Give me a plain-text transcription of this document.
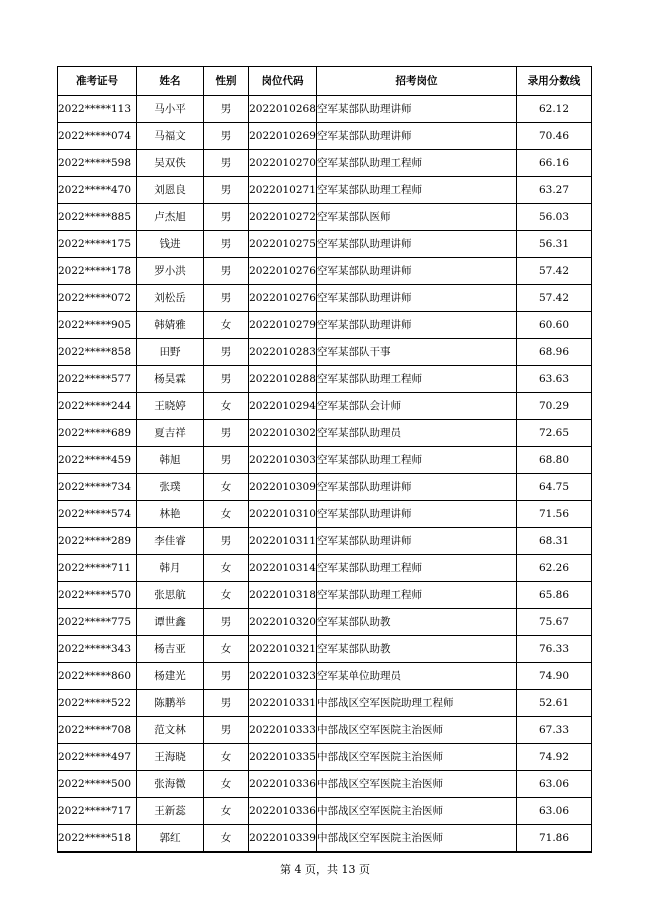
准考证号	姓名	性别	岗位代码	招考岗位	录用分数线
2022*****113	马小平	男	2022010268	空军某部队助理讲师	62.12
2022*****074	马福文	男	2022010269	空军某部队助理讲师	70.46
2022*****598	吴双佚	男	2022010270	空军某部队助理工程师	66.16
2022*****470	刘恩良	男	2022010271	空军某部队助理工程师	63.27
2022*****885	卢杰旭	男	2022010272	空军某部队医师	56.03
2022*****175	钱进	男	2022010275	空军某部队助理讲师	56.31
2022*****178	罗小洪	男	2022010276	空军某部队助理讲师	57.42
2022*****072	刘松岳	男	2022010276	空军某部队助理讲师	57.42
2022*****905	韩婧雅	女	2022010279	空军某部队助理讲师	60.60
2022*****858	田野	男	2022010283	空军某部队干事	68.96
2022*****577	杨昊霖	男	2022010288	空军某部队助理工程师	63.63
2022*****244	王晓婷	女	2022010294	空军某部队会计师	70.29
2022*****689	夏吉祥	男	2022010302	空军某部队助理员	72.65
2022*****459	韩旭	男	2022010303	空军某部队助理工程师	68.80
2022*****734	张璞	女	2022010309	空军某部队助理讲师	64.75
2022*****574	林艳	女	2022010310	空军某部队助理讲师	71.56
2022*****289	李佳睿	男	2022010311	空军某部队助理讲师	68.31
2022*****711	韩月	女	2022010314	空军某部队助理工程师	62.26
2022*****570	张思航	女	2022010318	空军某部队助理工程师	65.86
2022*****775	谭世鑫	男	2022010320	空军某部队助教	75.67
2022*****343	杨吉亚	女	2022010321	空军某部队助教	76.33
2022*****860	杨建光	男	2022010323	空军某单位助理员	74.90
2022*****522	陈鹏举	男	2022010331	中部战区空军医院助理工程师	52.61
2022*****708	范文林	男	2022010333	中部战区空军医院主治医师	67.33
2022*****497	王海晓	女	2022010335	中部战区空军医院主治医师	74.92
2022*****500	张海微	女	2022010336	中部战区空军医院主治医师	63.06
2022*****717	王新蕊	女	2022010336	中部战区空军医院主治医师	63.06
2022*****518	郭红	女	2022010339	中部战区空军医院主治医师	71.86
第 4 页，共 13 页
